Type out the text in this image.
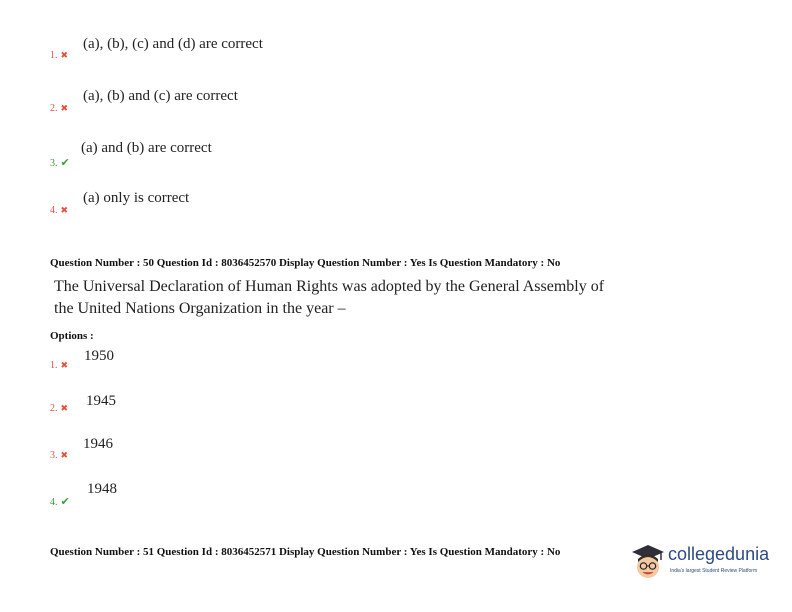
1. ✖
(a), (b), (c) and (d) are correct
2. ✖
(a), (b) and (c) are correct
3. ✔
(a) and (b) are correct
4. ✖
(a) only is correct
Question Number : 50 Question Id : 8036452570 Display Question Number : Yes Is Question Mandatory : No
The Universal Declaration of Human Rights was adopted by the General Assembly of
the United Nations Organization in the year –
Options :
1. ✖
1950
2. ✖ 1945
3. ✖
1946
4. ✔
1948
Question Number : 51 Question Id : 8036452571 Display Question Number : Yes Is Question Mandatory : No	collegedunia
India's largest Student Review Platform
